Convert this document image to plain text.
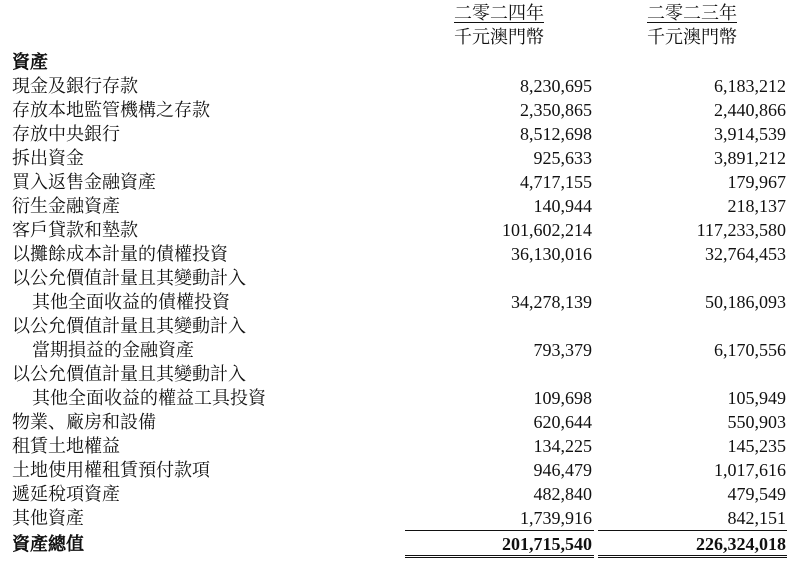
二零二四年
千元澳門幣
二零二三年
千元澳門幣
資產
現金及銀行存款	8,230,695	6,183,212
存放本地監管機構之存款	2,350,865	2,440,866
存放中央銀行	8,512,698	3,914,539
拆出資金	925,633	3,891,212
買入返售金融資產	4,717,155	179,967
衍生金融資產	140,944	218,137
客戶貸款和墊款	101,602,214	117,233,580
以攤餘成本計量的債權投資	36,130,016	32,764,453
以公允價值計量且其變動計入
其他全面收益的債權投資	34,278,139	50,186,093
以公允價值計量且其變動計入
當期損益的金融資產	793,379	6,170,556
以公允價值計量且其變動計入
其他全面收益的權益工具投資	109,698	105,949
物業、廠房和設備	620,644	550,903
租賃土地權益	134,225	145,235
土地使用權租賃預付款項	946,479	1,017,616
遞延稅項資產	482,840	479,549
其他資產	1,739,916	842,151
資產總值	201,715,540	226,324,018
